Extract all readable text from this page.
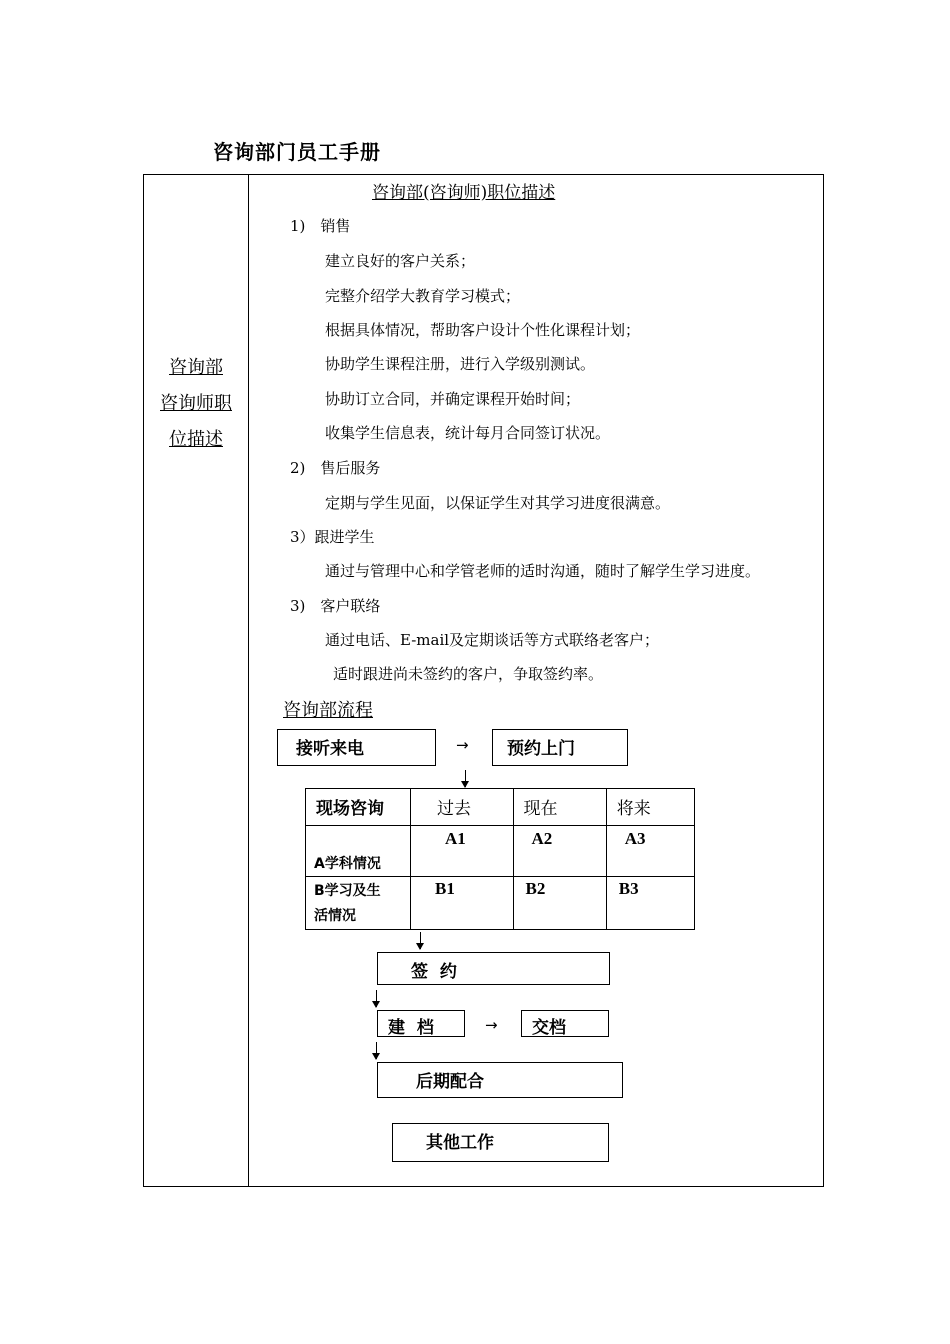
咨询部门员工手册
咨询部
咨询师职
位描述
咨询部(咨询师)职位描述
1)　销售
建立良好的客户关系；
完整介绍学大教育学习模式；
根据具体情况，帮助客户设计个性化课程计划；
协助学生课程注册，进行入学级别测试。
协助订立合同，并确定课程开始时间；
收集学生信息表，统计每月合同签订状况。
2)　售后服务
定期与学生见面，以保证学生对其学习进度很满意。
3）跟进学生
通过与管理中心和学管老师的适时沟通，随时了解学生学习进度。
3)　客户联络
通过电话、E-mail及定期谈话等方式联络老客户；
适时跟进尚未签约的客户，争取签约率。
咨询部流程
接听来电	→	预约上门
现场咨询	过去	现在	将来
A学科情况	A1	A2	A3

B学习及生
活情况	B1	B2	B3
签  约
建  档	→	交档
后期配合
其他工作
